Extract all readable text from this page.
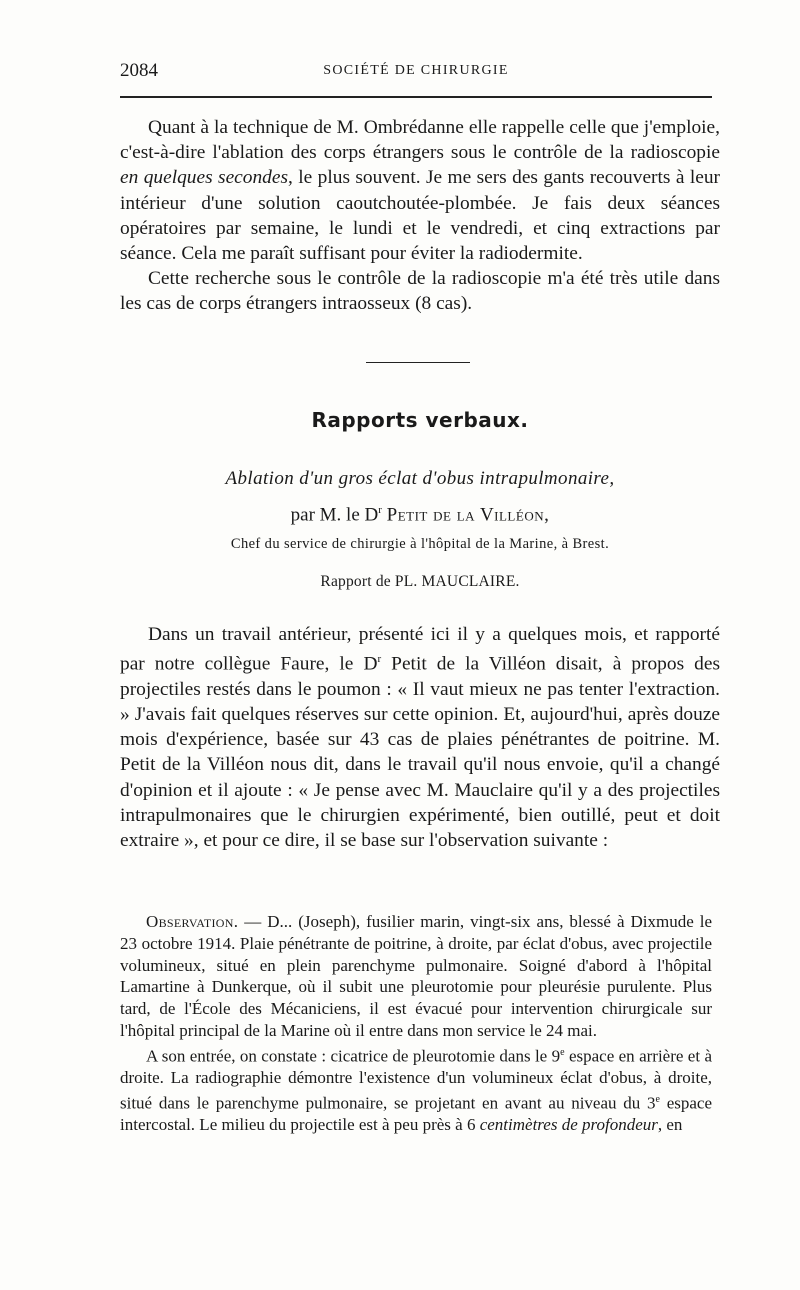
2084	SOCIÉTÉ DE CHIRURGIE

Quant à la technique de M. Ombrédanne elle rappelle celle que j'emploie, c'est-à-dire l'ablation des corps étrangers sous le contrôle de la radioscopie en quelques secondes, le plus souvent. Je me sers des gants recouverts à leur intérieur d'une solution caoutchoutée-plombée. Je fais deux séances opératoires par semaine, le lundi et le vendredi, et cinq extractions par séance. Cela me paraît suffisant pour éviter la radiodermite.

Cette recherche sous le contrôle de la radioscopie m'a été très utile dans les cas de corps étrangers intraosseux (8 cas).

Rapports verbaux.
Ablation d'un gros éclat d'obus intrapulmonaire,
par M. le $D^r$ Petit de la Villéon,
Chef du service de chirurgie à l'hôpital de la Marine, à Brest.
Rapport de PL. MAUCLAIRE.

Dans un travail antérieur, présenté ici il y a quelques mois, et rapporté par notre collègue Faure, le $D^r$ Petit de la Villéon disait, à propos des projectiles restés dans le poumon : « Il vaut mieux ne pas tenter l'extraction. » J'avais fait quelques réserves sur cette opinion. Et, aujourd'hui, après douze mois d'expérience, basée sur 43 cas de plaies pénétrantes de poitrine. M. Petit de la Villéon nous dit, dans le travail qu'il nous envoie, qu'il a changé d'opinion et il ajoute : « Je pense avec M. Mauclaire qu'il y a des projectiles intrapulmonaires que le chirurgien expérimenté, bien outillé, peut et doit extraire », et pour ce dire, il se base sur l'observation suivante :

Observation. — D... (Joseph), fusilier marin, vingt-six ans, blessé à Dixmude le 23 octobre 1914. Plaie pénétrante de poitrine, à droite, par éclat d'obus, avec projectile volumineux, situé en plein parenchyme pulmonaire. Soigné d'abord à l'hôpital Lamartine à Dunkerque, où il subit une pleurotomie pour pleurésie purulente. Plus tard, de l'École des Mécaniciens, il est évacué pour intervention chirurgicale sur l'hôpital principal de la Marine où il entre dans mon service le 24 mai.

A son entrée, on constate : cicatrice de pleurotomie dans le 9e espace en arrière et à droite. La radiographie démontre l'existence d'un volumineux éclat d'obus, à droite, situé dans le parenchyme pulmonaire, se projetant en avant au niveau du 3e espace intercostal. Le milieu du projectile est à peu près à 6 centimètres de profondeur, en
